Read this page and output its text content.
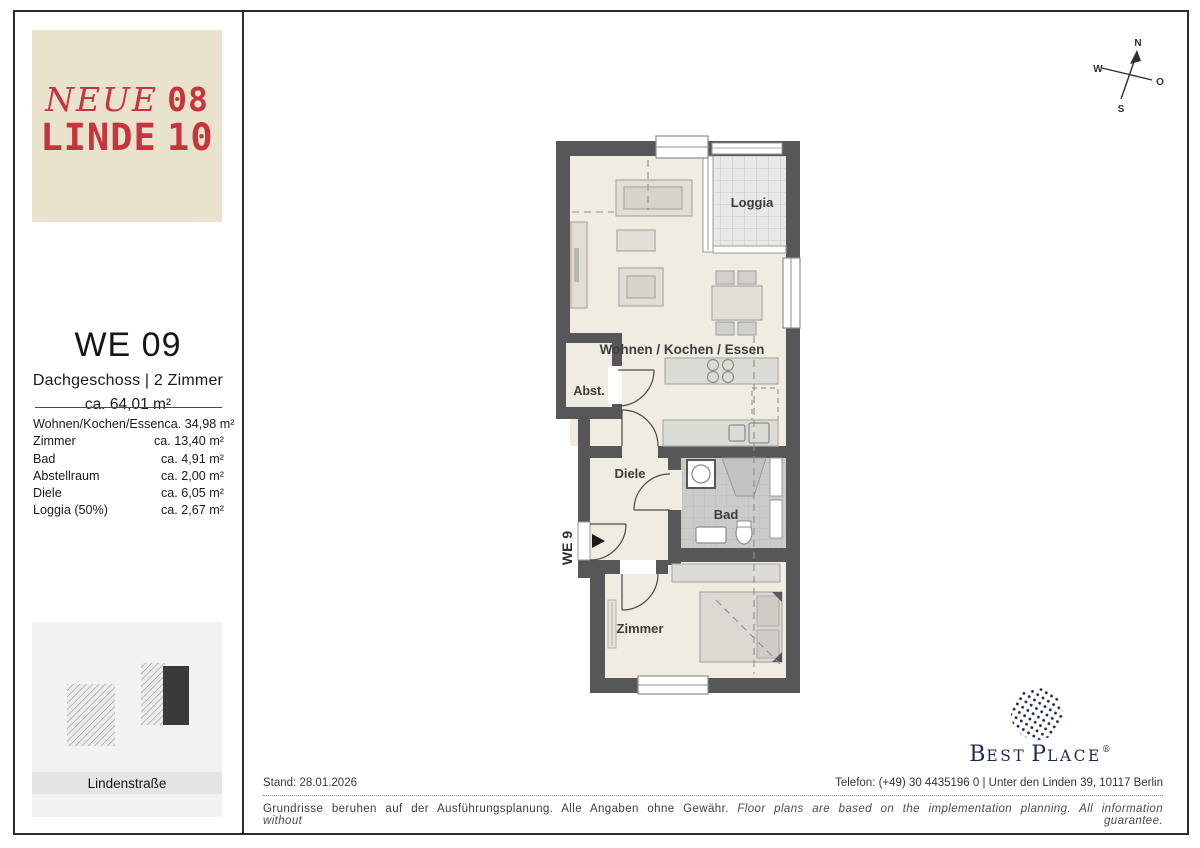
WE 9
Loggia
Wohnen / Kochen / Essen
Abst.
Diele
Bad
Zimmer
N
W
O
S
NEUE 08
LINDE 10
WE 09
Dachgeschoss | 2 Zimmer
ca. 64,01 m²
Wohnen/Kochen/Essen ca. 34,98 m²
Zimmer	ca. 13,40 m²
Bad	ca. 4,91 m²
Abstellraum	ca. 2,00 m²
Diele	ca. 6,05 m²
Loggia (50%)	ca. 2,67 m²
Lindenstraße	Stand: 28.01.2026	Telefon: (+49) 30 4435196 0 | Unter den Linden 39, 10117 Berlin
Grundrisse beruhen auf der Ausführungsplanung. Alle Angaben ohne Gewähr. Floor plans are based on the implementation planning. All information without guarantee.
BEST PLACE®
